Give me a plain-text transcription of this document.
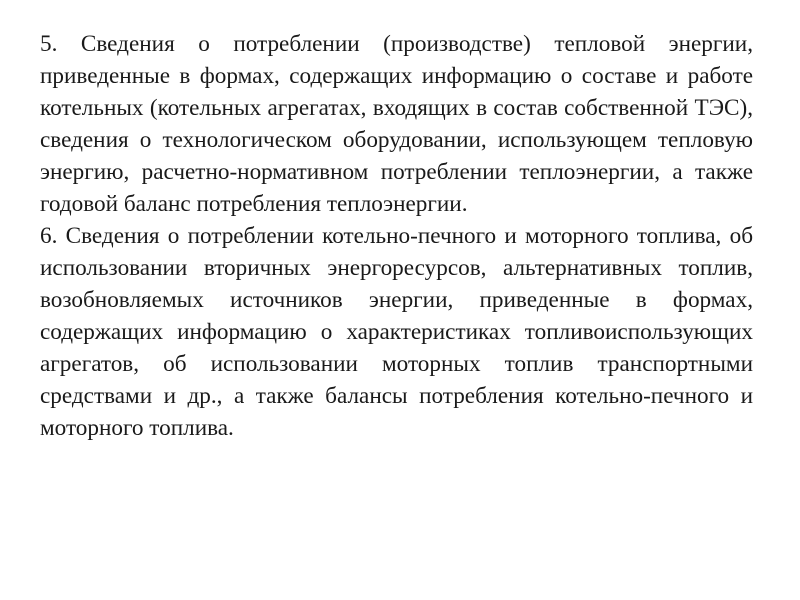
5. Сведения о потреблении (производстве) тепловой энергии, приведенные в формах, содержащих информацию о составе и работе котельных (котельных агрегатах, входящих в состав собственной ТЭС), сведения о технологическом оборудовании, использующем тепловую энергию, расчетно-нормативном потреблении теплоэнергии, а также годовой баланс потребления теплоэнергии.

6. Сведения о потреблении котельно-печного и моторного топлива, об использовании вторичных энергоресурсов, альтернативных топлив, возобновляемых источников энергии, приведенные в формах, содержащих информацию о характеристиках топливоиспользующих агрегатов, об использовании моторных топлив транспортными средствами и др., а также балансы потребления котельно-печного и моторного топлива.
